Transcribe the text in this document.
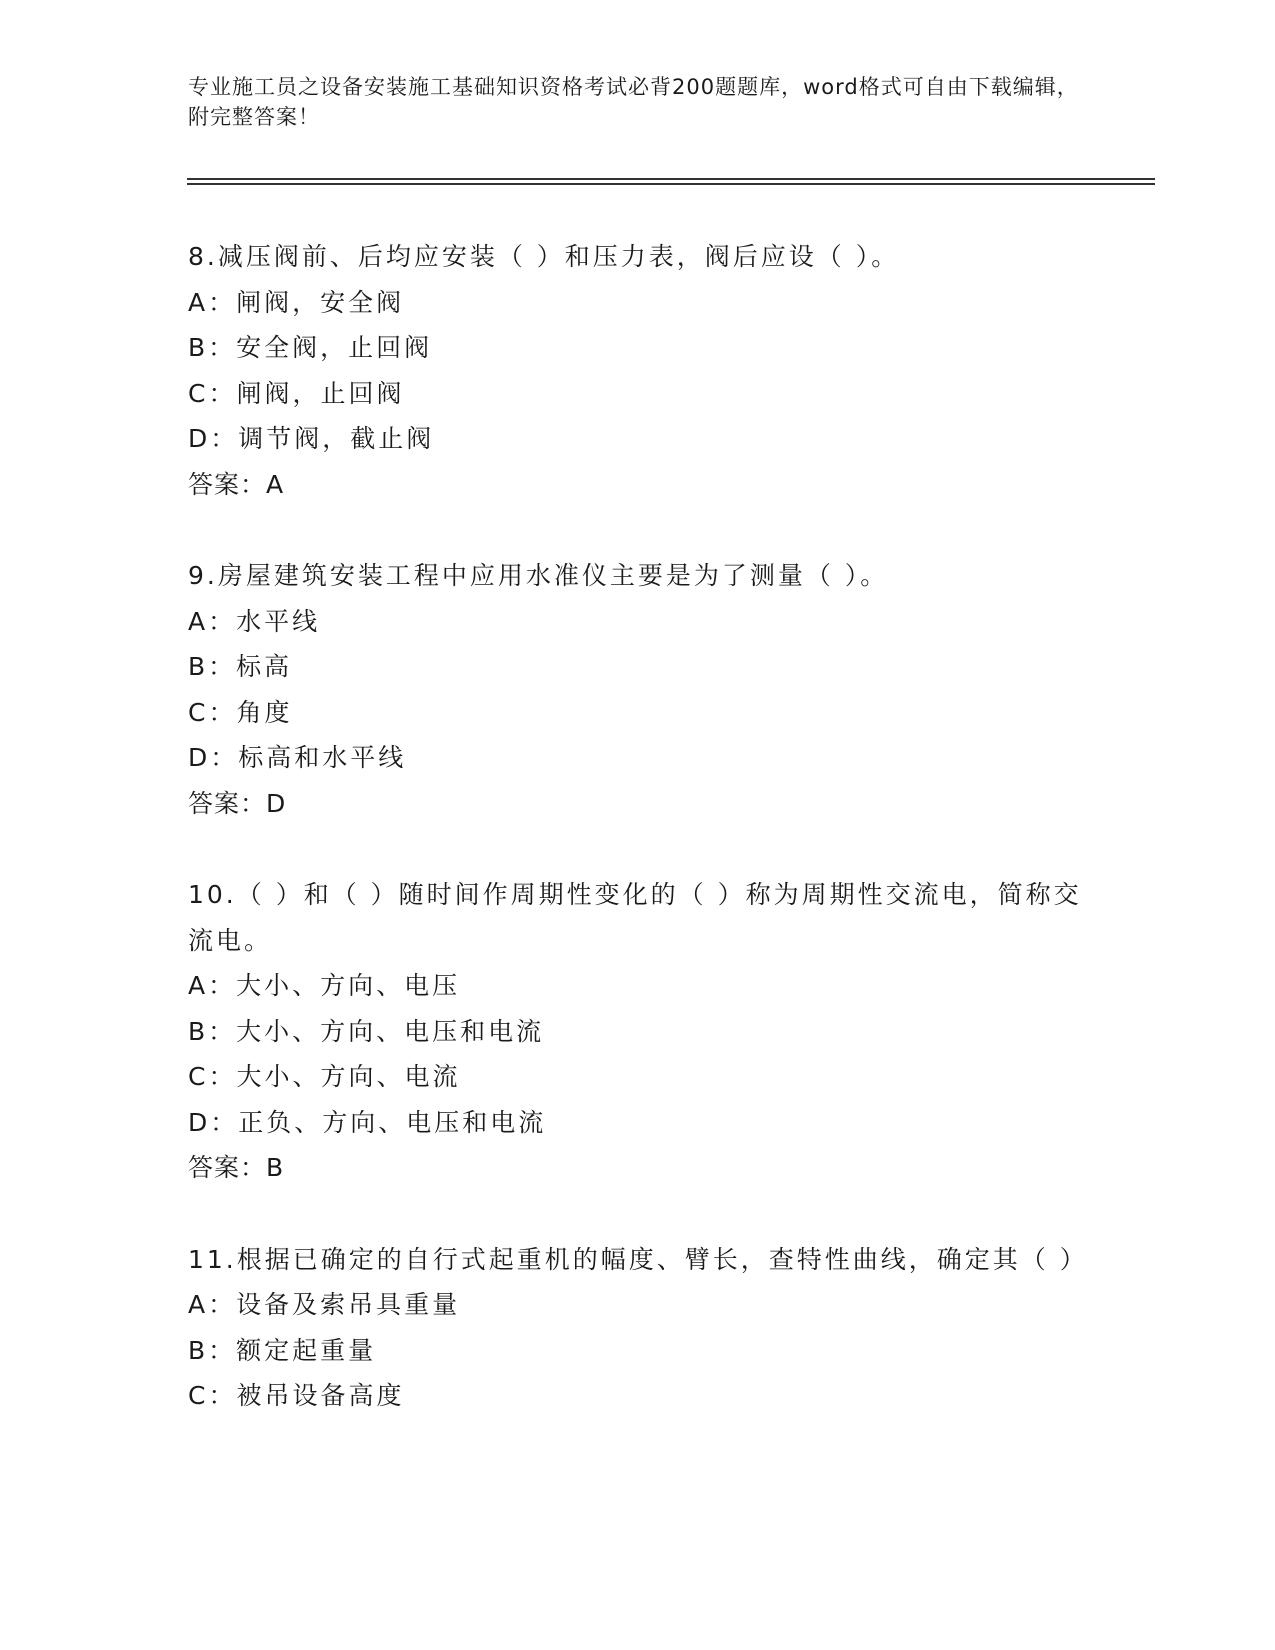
专业施工员之设备安装施工基础知识资格考试必背200题题库，word格式可自由下载编辑，附完整答案！
8.减压阀前、后均应安装（ ）和压力表，阀后应设（ ）。
A：闸阀，安全阀
B：安全阀，止回阀
C：闸阀，止回阀
D：调节阀，截止阀
答案：A
9.房屋建筑安装工程中应用水准仪主要是为了测量（ ）。
A：水平线
B：标高
C：角度
D：标高和水平线
答案：D
10.（ ）和（ ）随时间作周期性变化的（ ）称为周期性交流电，简称交流电。
A：大小、方向、电压
B：大小、方向、电压和电流
C：大小、方向、电流
D：正负、方向、电压和电流
答案：B
11.根据已确定的自行式起重机的幅度、臂长，查特性曲线，确定其（ ）
A：设备及索吊具重量
B：额定起重量
C：被吊设备高度
